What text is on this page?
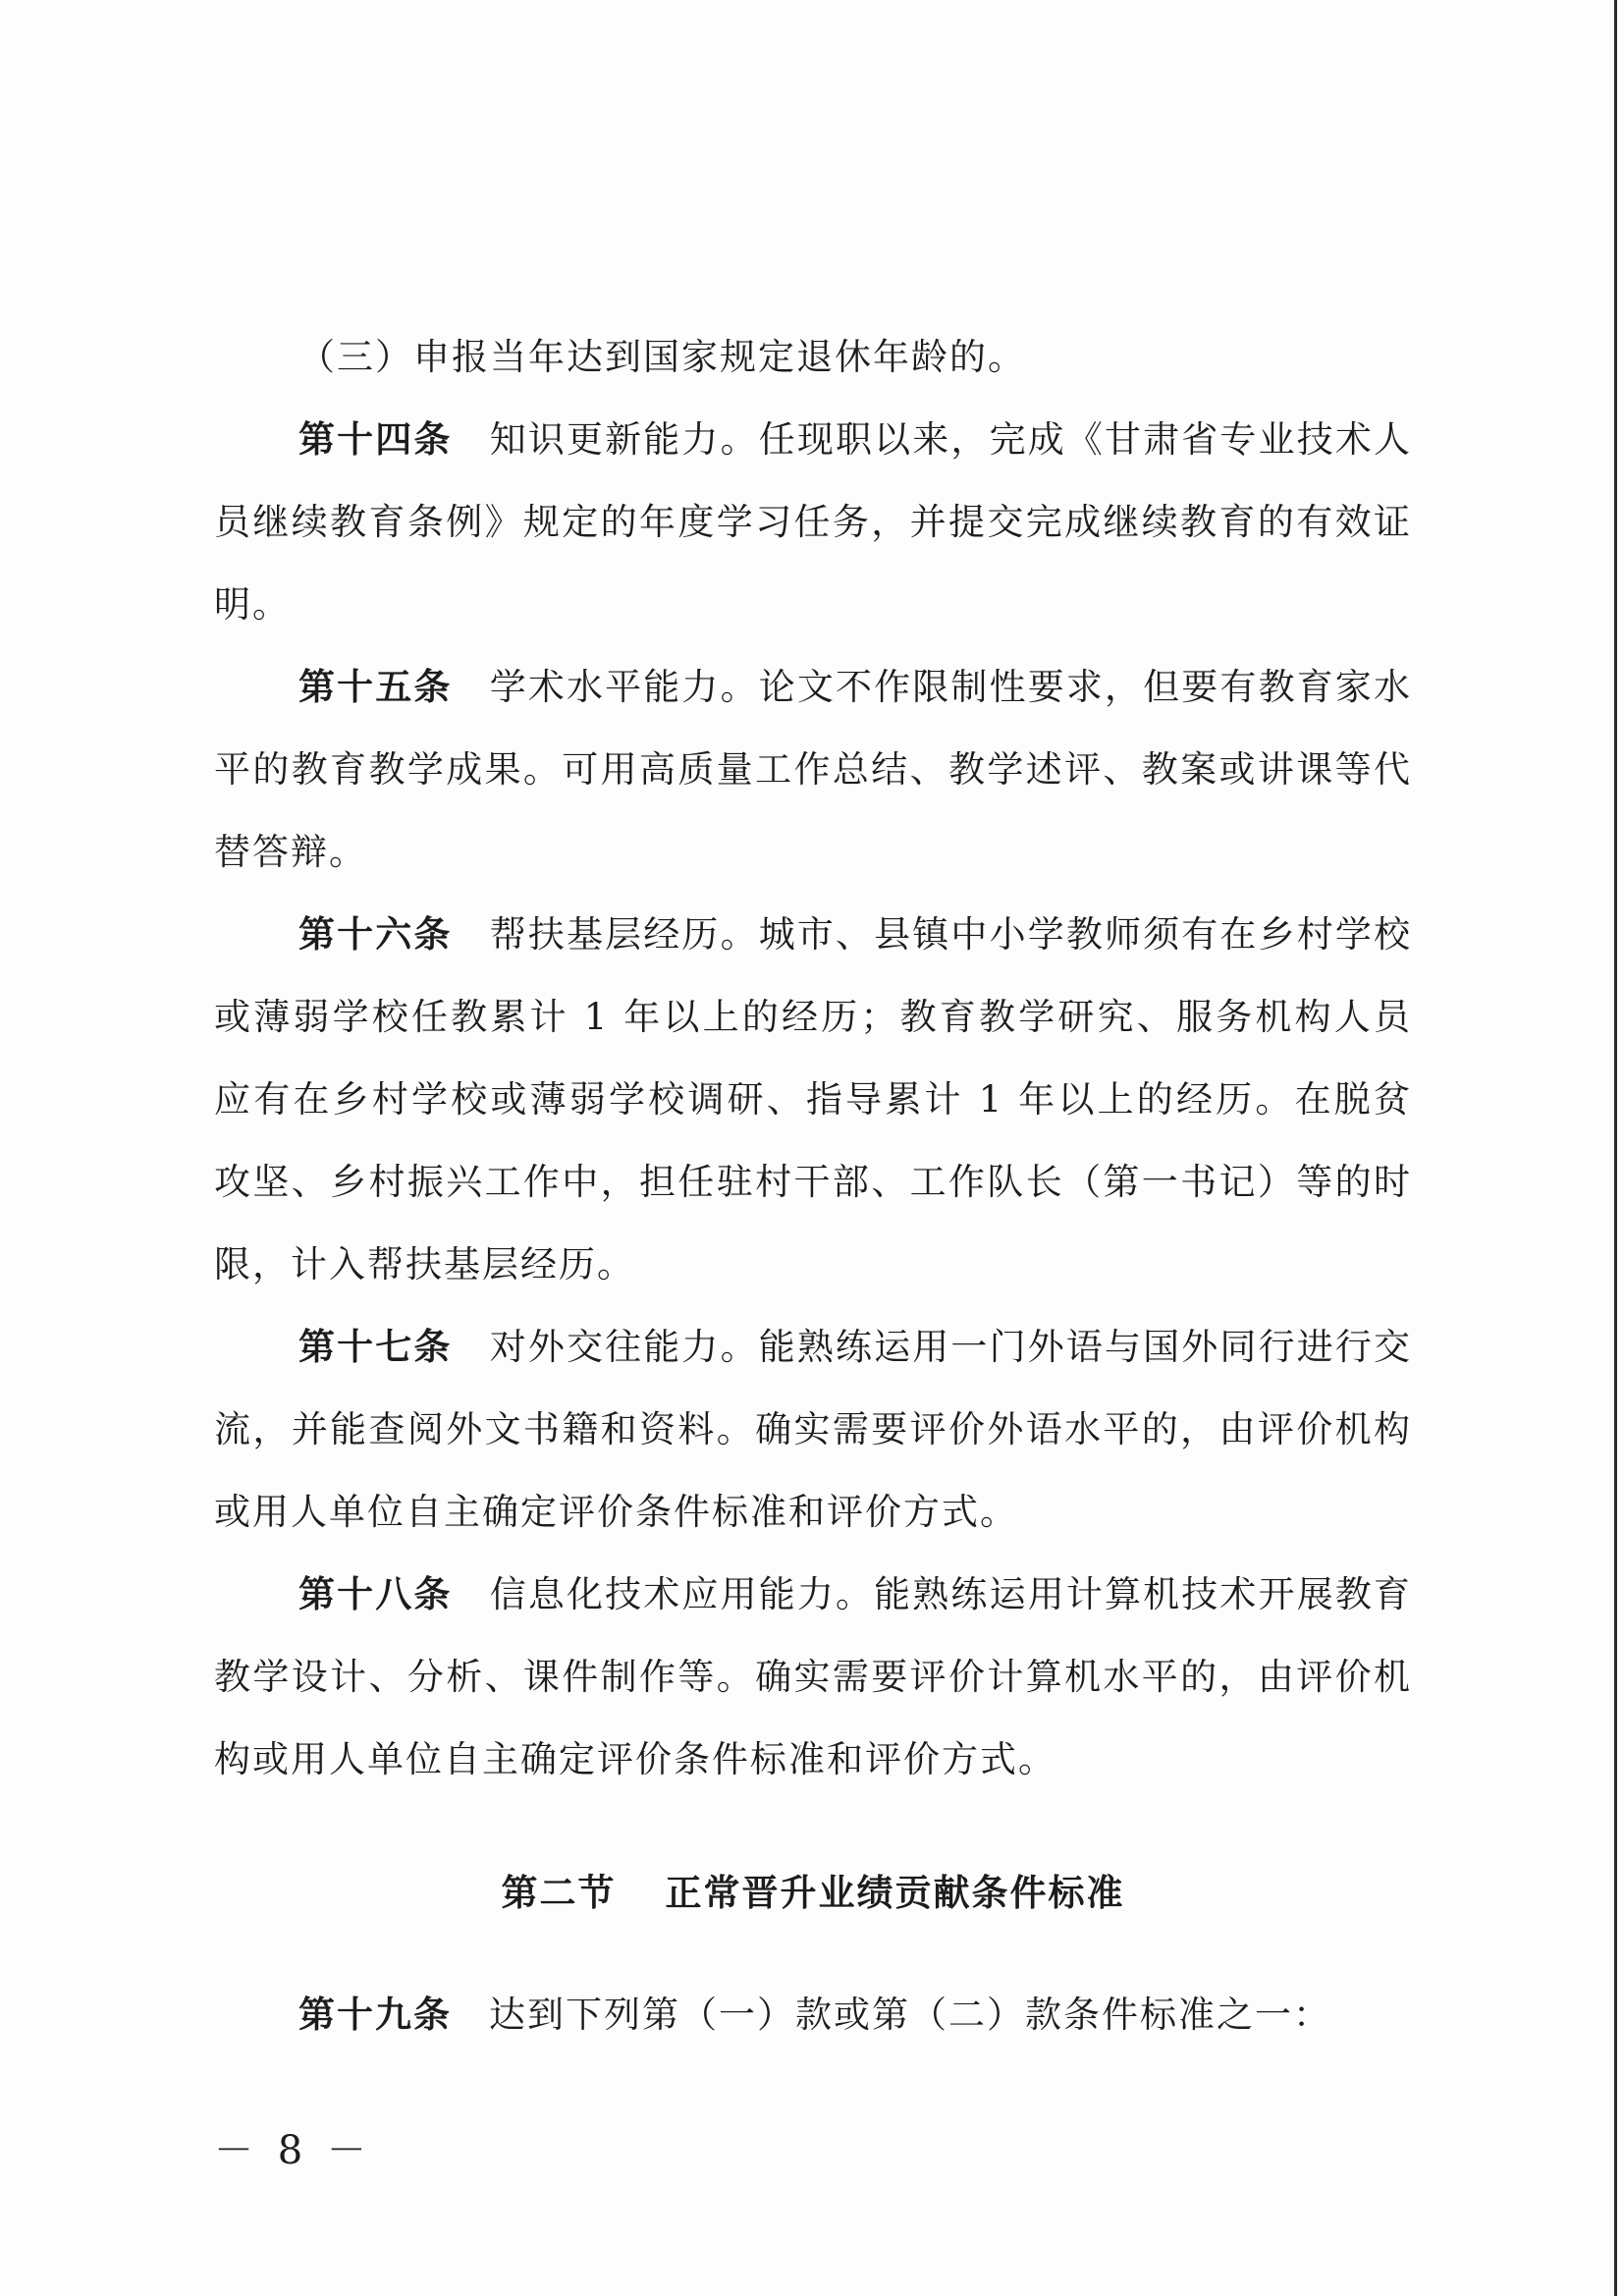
（三）申报当年达到国家规定退休年龄的。

第十四条 知识更新能力。任现职以来，完成《甘肃省专业技术人员继续教育条例》规定的年度学习任务，并提交完成继续教育的有效证明。

第十五条 学术水平能力。论文不作限制性要求，但要有教育家水平的教育教学成果。可用高质量工作总结、教学述评、教案或讲课等代替答辩。

第十六条 帮扶基层经历。城市、县镇中小学教师须有在乡村学校或薄弱学校任教累计 1 年以上的经历；教育教学研究、服务机构人员应有在乡村学校或薄弱学校调研、指导累计 1 年以上的经历。在脱贫攻坚、乡村振兴工作中，担任驻村干部、工作队长（第一书记）等的时限，计入帮扶基层经历。

第十七条 对外交往能力。能熟练运用一门外语与国外同行进行交流，并能查阅外文书籍和资料。确实需要评价外语水平的，由评价机构或用人单位自主确定评价条件标准和评价方式。

第十八条 信息化技术应用能力。能熟练运用计算机技术开展教育教学设计、分析、课件制作等。确实需要评价计算机水平的，由评价机构或用人单位自主确定评价条件标准和评价方式。

第二节 正常晋升业绩贡献条件标准

第十九条 达到下列第（一）款或第（二）款条件标准之一：

－ 8 －
